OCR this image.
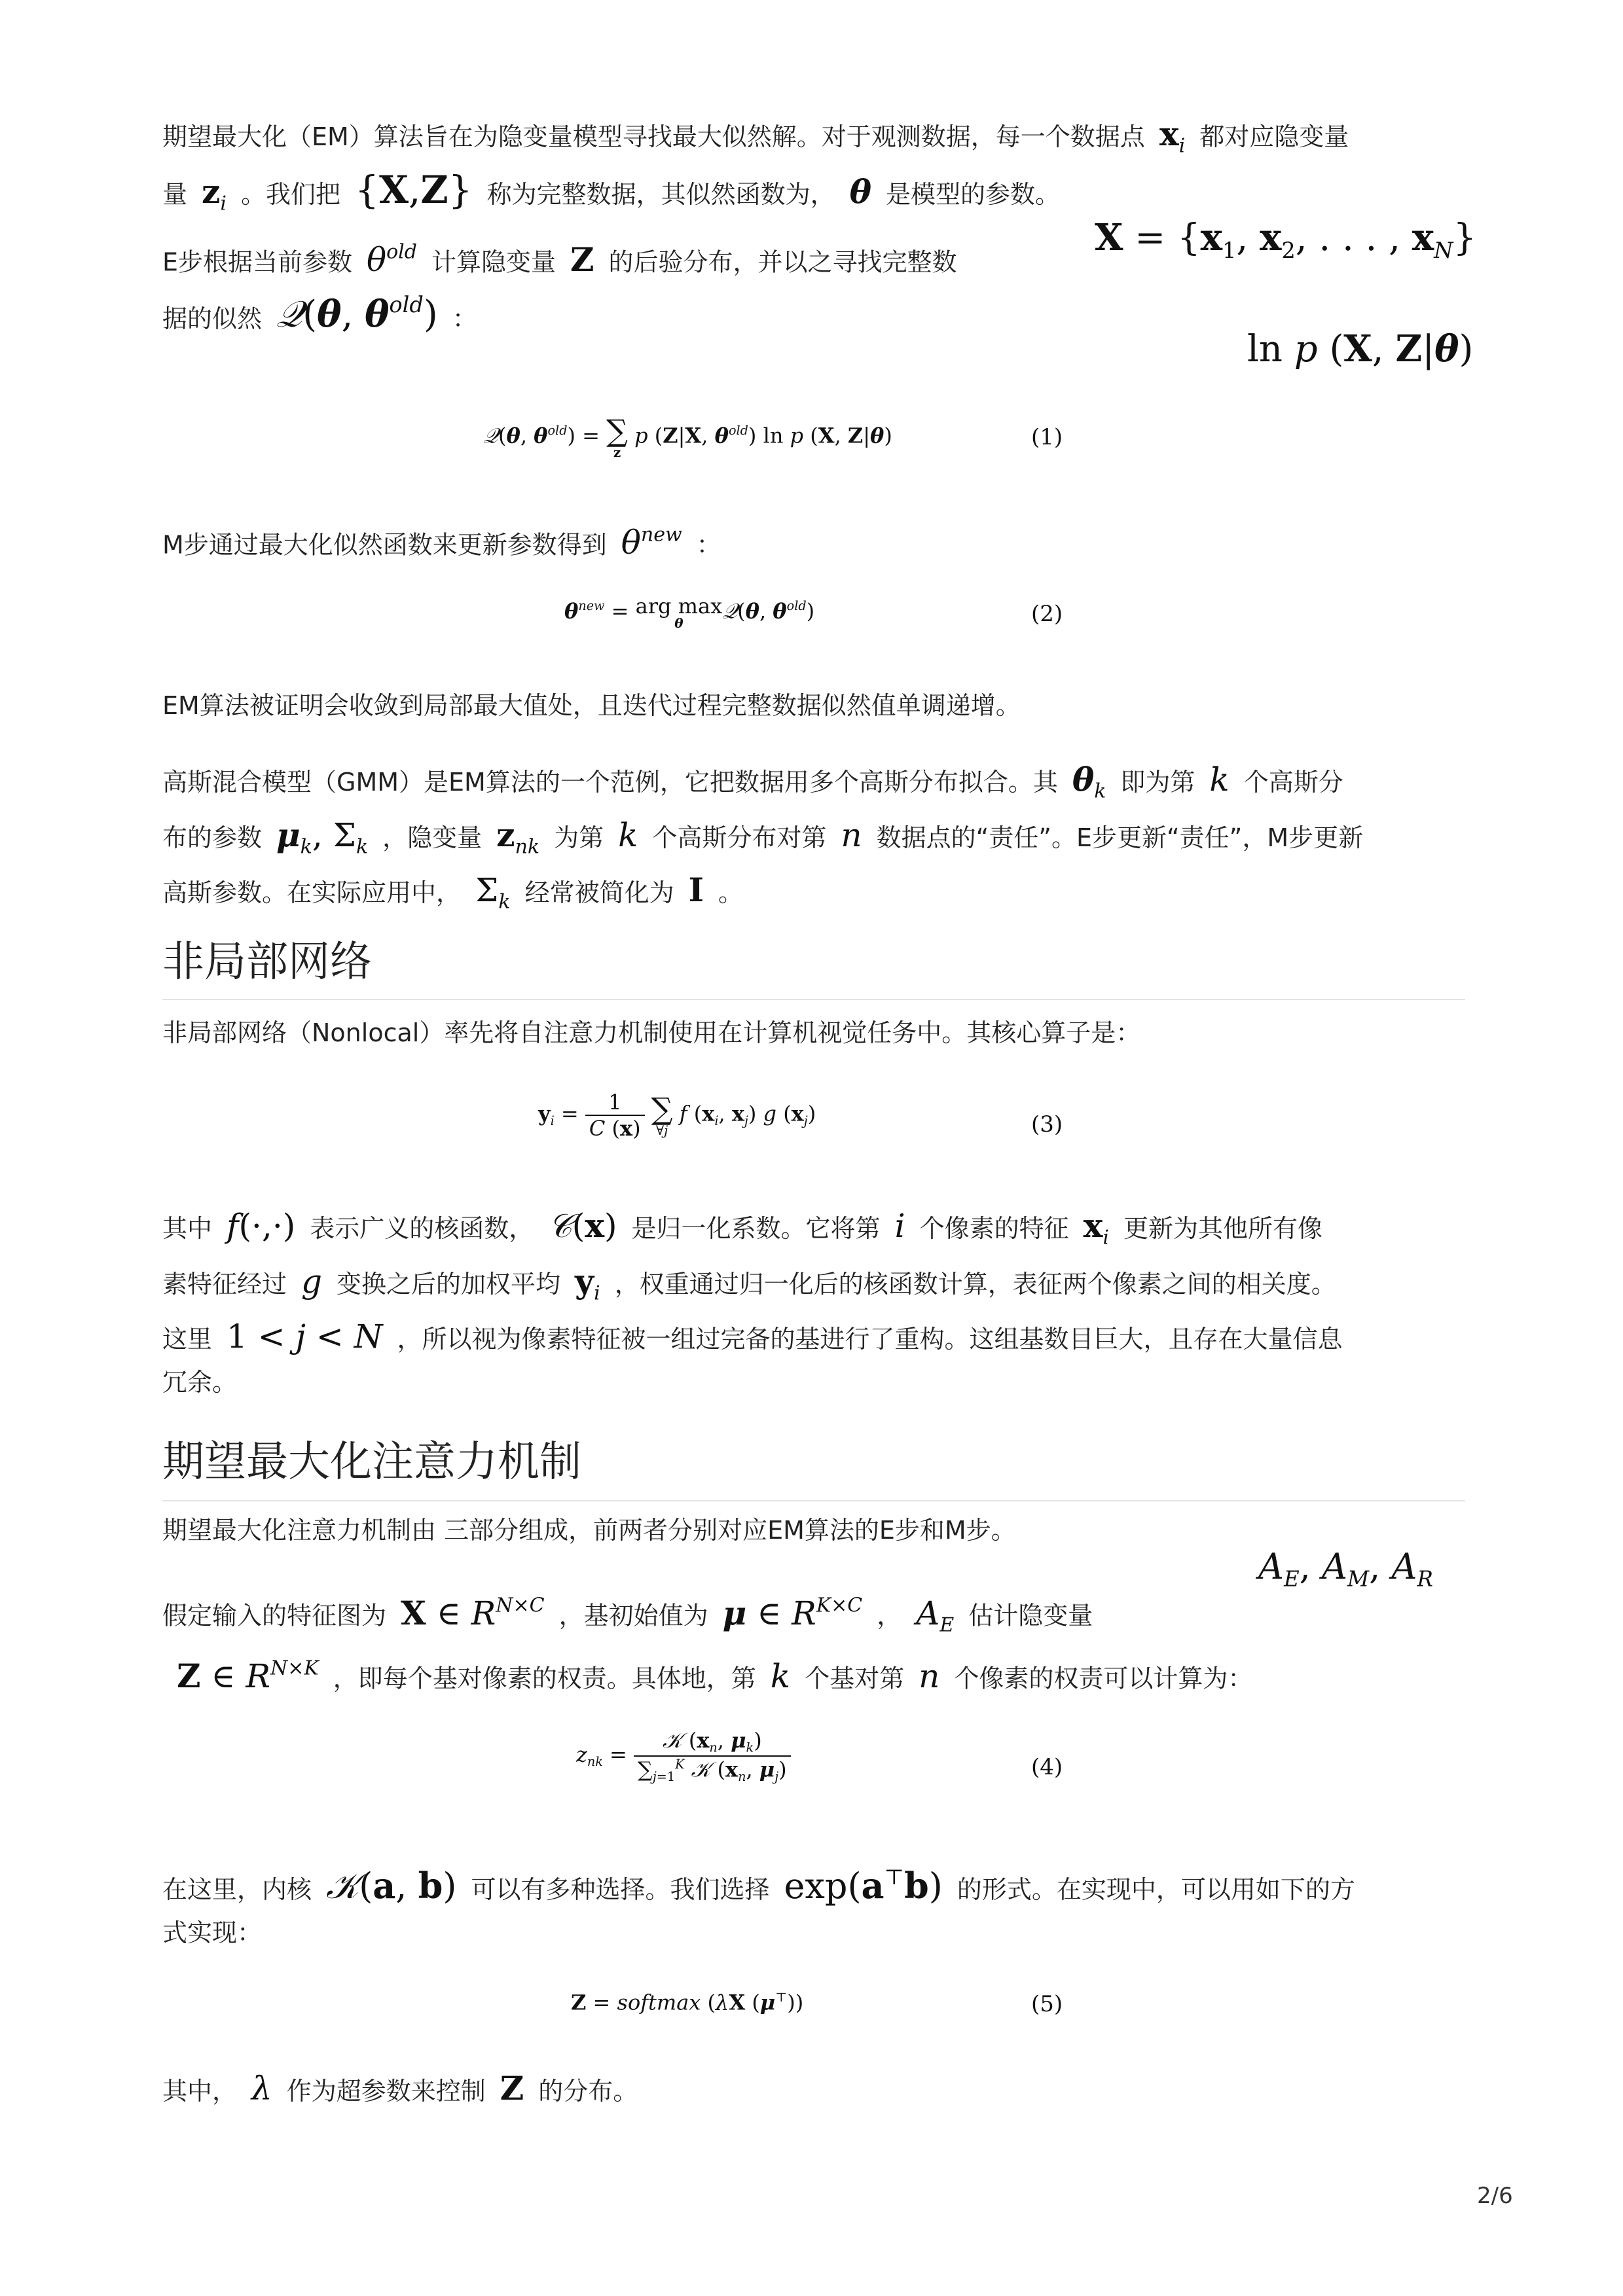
期望最大化（EM）算法旨在为隐变量模型寻找最大似然解。对于观测数据，每一个数据点 $x_i$ 都对应隐变量
量 $z_i$ 。我们把 {X,Z} 称为完整数据，其似然函数为， θ 是模型的参数。
$X = \{x_1$, $x_2$, . . . , $x_N$}
E步根据当前参数 $\theta^{old}$ 计算隐变量 Z 的后验分布，并以之寻找完整数
据的似然 𝒬(θ, $\theta^{old}$) ：
ln p (X, Z|θ)
𝒬(θ, $\theta^{old}$) = ∑
z
p (Z|X, $\theta^{old}$) ln p (X, Z|θ)	(1)
M步通过最大化似然函数来更新参数得到 $\theta^{new}$ ：
$\theta^{new}$ = arg max
θ	𝒬(θ, $\theta^{old}$)	(2)
EM算法被证明会收敛到局部最大值处，且迭代过程完整数据似然值单调递增。
高斯混合模型（GMM）是EM算法的一个范例，它把数据用多个高斯分布拟合。其 $\theta_k$ 即为第 k 个高斯分
布的参数 $\mu_k$, $\Sigma_k$ ，隐变量 $z_{nk}$ 为第 k 个高斯分布对第 n 数据点的“责任”。E步更新“责任”，M步更新
高斯参数。在实际应用中， $\Sigma_k$ 经常被简化为 I 。
非局部网络
非局部网络（Nonlocal）率先将自注意力机制使用在计算机视觉任务中。其核心算子是：
$y_i = \frac{1}{C (x)}$
∑
∀j
f ($x_i$, $x_j$) g $(x_j)$	(3)
其中 f(·,·) 表示广义的核函数， 𝒞(x) 是归一化系数。它将第 i 个像素的特征 $x_i$ 更新为其他所有像
素特征经过 g 变换之后的加权平均 $y_i$ ，权重通过归一化后的核函数计算，表征两个像素之间的相关度。
这里 1 < j < N ，所以视为像素特征被一组过完备的基进行了重构。这组基数目巨大，且存在大量信息
冗余。
期望最大化注意力机制
期望最大化注意力机制由 三部分组成，前两者分别对应EM算法的E步和M步。
$A_E$, $A_M$, $A_R$
假定输入的特征图为 X ∈ $R^{N\times C}$ ，基初始值为 μ ∈ $R^{K\times C}$ ， $A_E$ 估计隐变量
Z ∈ $R^{N\times K}$ ，即每个基对像素的权责。具体地，第 k 个基对第 n 个像素的权责可以计算为：
$z_{nk} = \frac{𝒦 (x_n, \mu_k)}{\sum_{j=1}^K 𝒦 (x_n, \mu_j)}$	(4)
在这里，内核 𝒦(a, b) 可以有多种选择。我们选择 exp(a⊤b) 的形式。在实现中，可以用如下的方
式实现：
Z = softmax (λX (μ⊤))	(5)
其中， λ 作为超参数来控制 Z 的分布。
2/6
